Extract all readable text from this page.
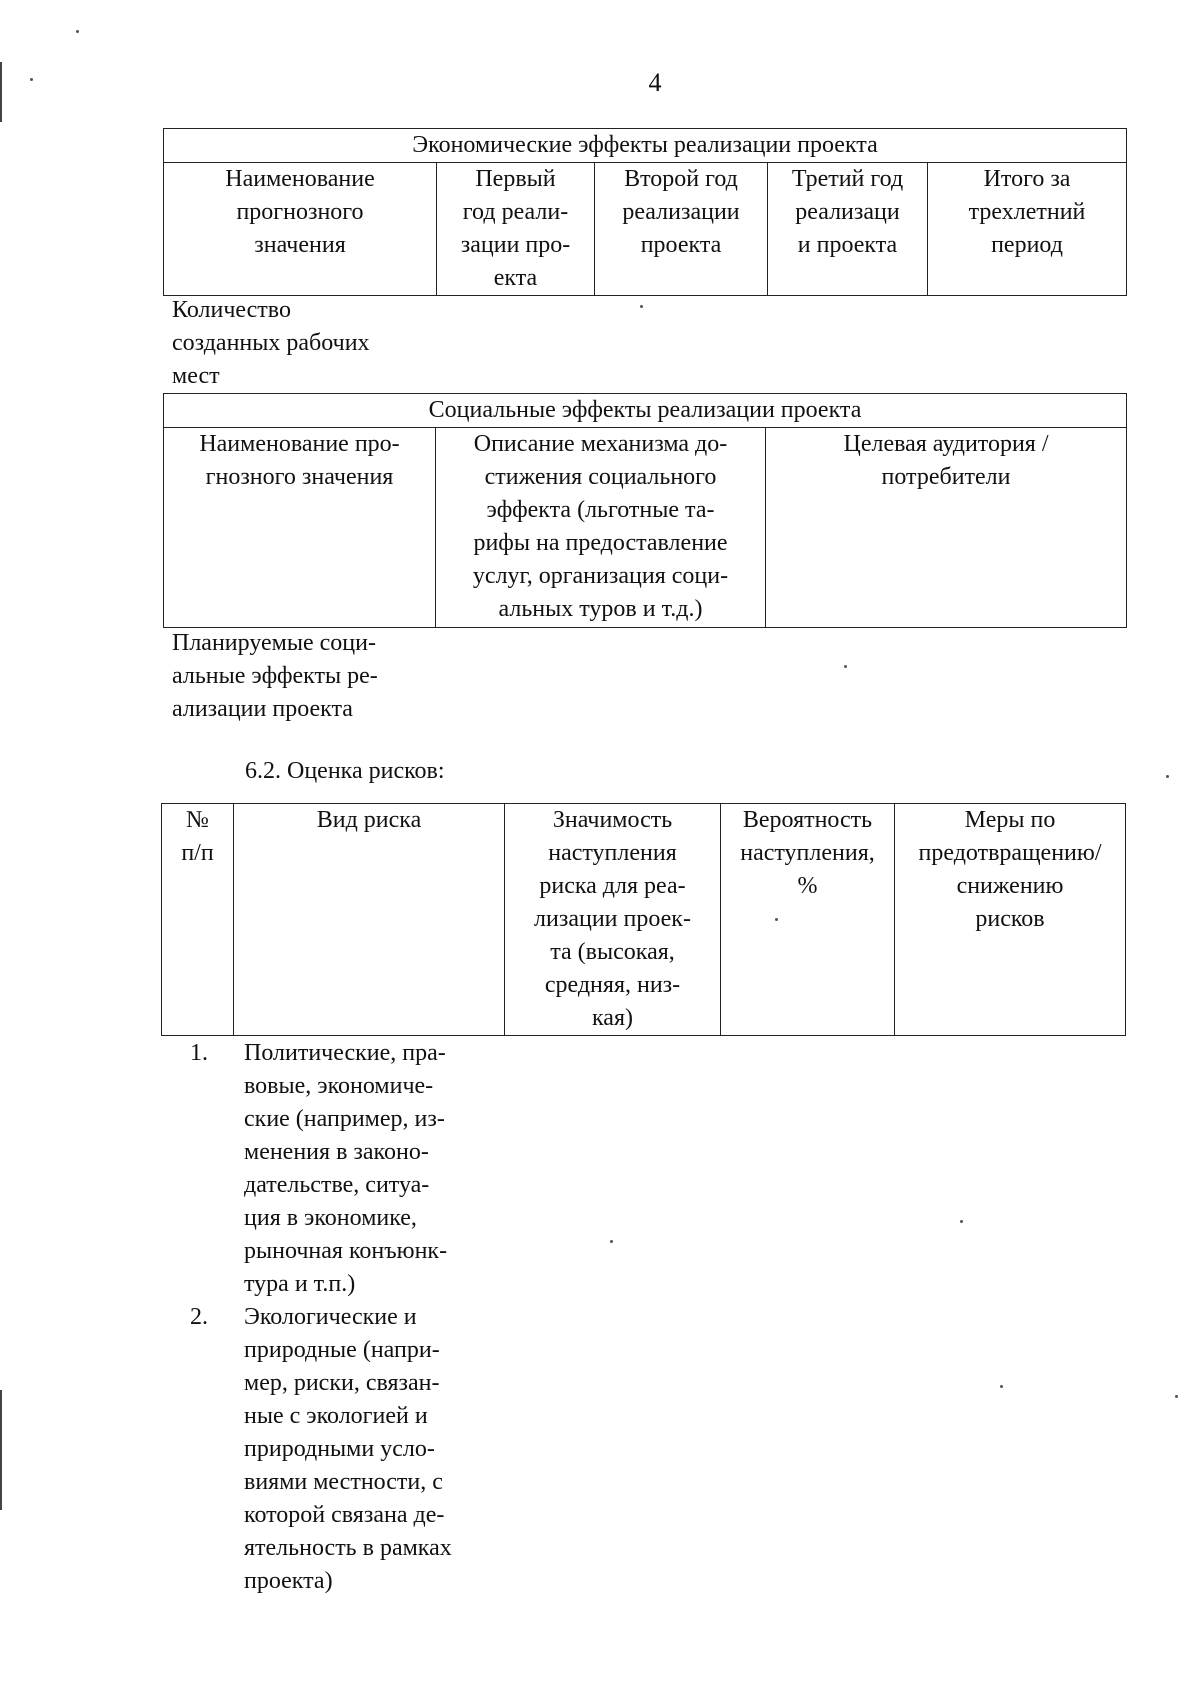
4
Экономические эффекты реализации проекта
Наименование
прогнозного
значения	Первый
год реали-
зации про-
екта	Второй год
реализации
проекта	Третий год
реализаци
и проекта	Итого за
трехлетний
период

Количество
созданных рабочих
мест

Социальные эффекты реализации проекта
Наименование про-
гнозного значения	Описание механизма до-
стижения социального
эффекта (льготные та-
рифы на предоставление
услуг, организация соци-
альных туров и т.д.)	Целевая аудитория /
потребители

Планируемые соци-
альные эффекты ре-
ализации проекта

6.2. Оценка рисков:

№
п/п	Вид риска	Значимость
наступления
риска для реа-
лизации проек-
та (высокая,
средняя, низ-
кая)	Вероятность
наступления,
%	Меры по
предотвращению/
снижению
рисков
1. Политические, пра-
вовые, экономиче-
ские (например, из-
менения в законо-
дательстве, ситуа-
ция в экономике,
рыночная конъюнк-
тура и т.п.)

2. Экологические и
природные (напри-
мер, риски, связан-
ные с экологией и
природными усло-
виями местности, с
которой связана де-
ятельность в рамках
проекта)
